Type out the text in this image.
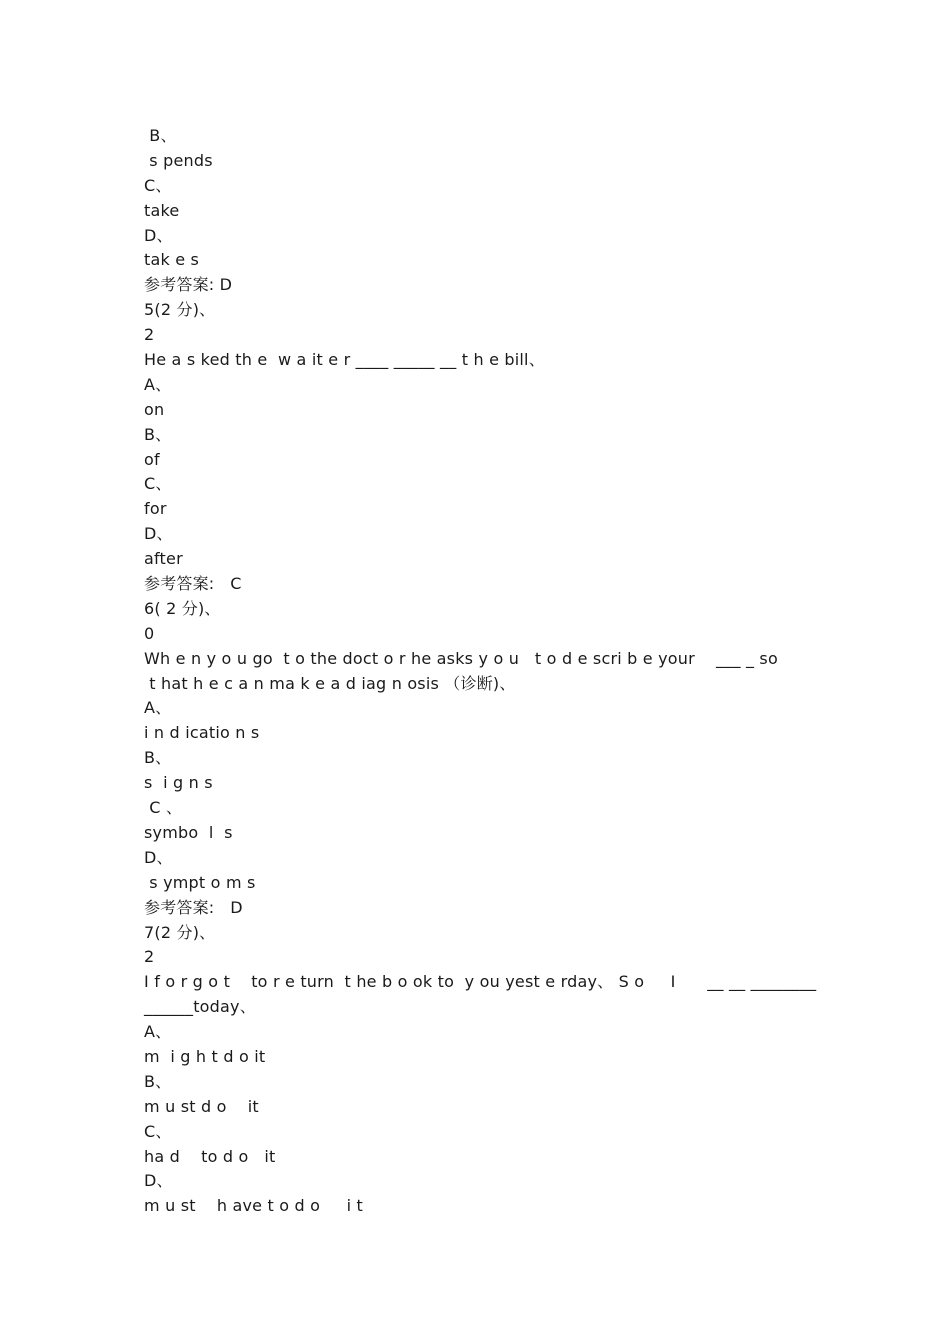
B、
s pends
C、
take
D、
tak e s
参考答案: D
5(2 分)、
2
He a s ked th e  w a it e r ____ _____ __ t h e bill、
A、
on
B、
of
C、
for
D、
after
参考答案:   C
6( 2 分)、
0
Wh e n y o u go  t o the doct o r he asks y o u   t o d e scri b e your    ___ _ so
t hat h e c a n ma k e a d iag n osis （诊断)、
A、
i n d icatio n s
B、
s  i g n s
C 、
symbo  l  s
D、
s ympt o m s
参考答案:   D
7(2 分)、
2
I f o r g o t    to r e turn  t he b o ok to  y ou yest e rday、 S o     I      __ __ ________
______today、
A、
m  i g h t d o it
B、
m u st d o    it
C、
ha d    to d o   it
D、
m u st    h ave t o d o     i t
